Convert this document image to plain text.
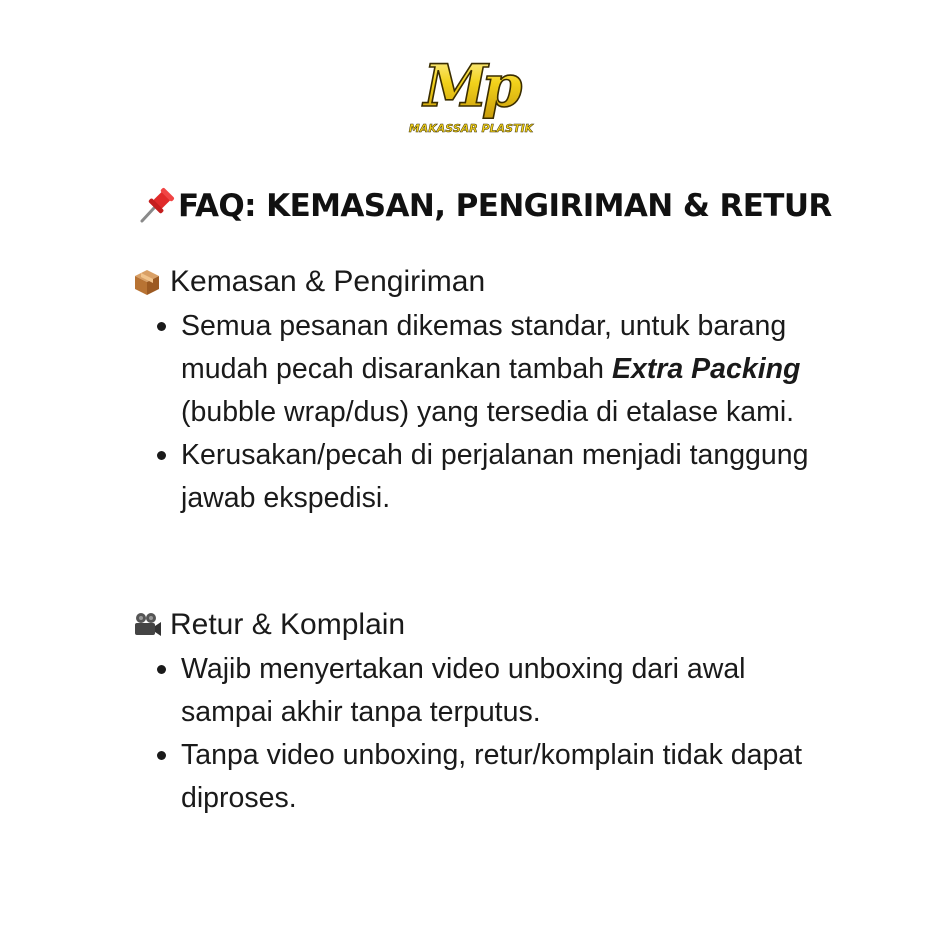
Mp
MAKASSAR PLASTIK
FAQ: KEMASAN, PENGIRIMAN & RETUR
Kemasan & Pengiriman
Semua pesanan dikemas standar, untuk barang mudah pecah disarankan tambah Extra Packing (bubble wrap/dus) yang tersedia di etalase kami.
Kerusakan/pecah di perjalanan menjadi tanggung jawab ekspedisi.
Retur & Komplain
Wajib menyertakan video unboxing dari awal sampai akhir tanpa terputus.
Tanpa video unboxing, retur/komplain tidak dapat diproses.
